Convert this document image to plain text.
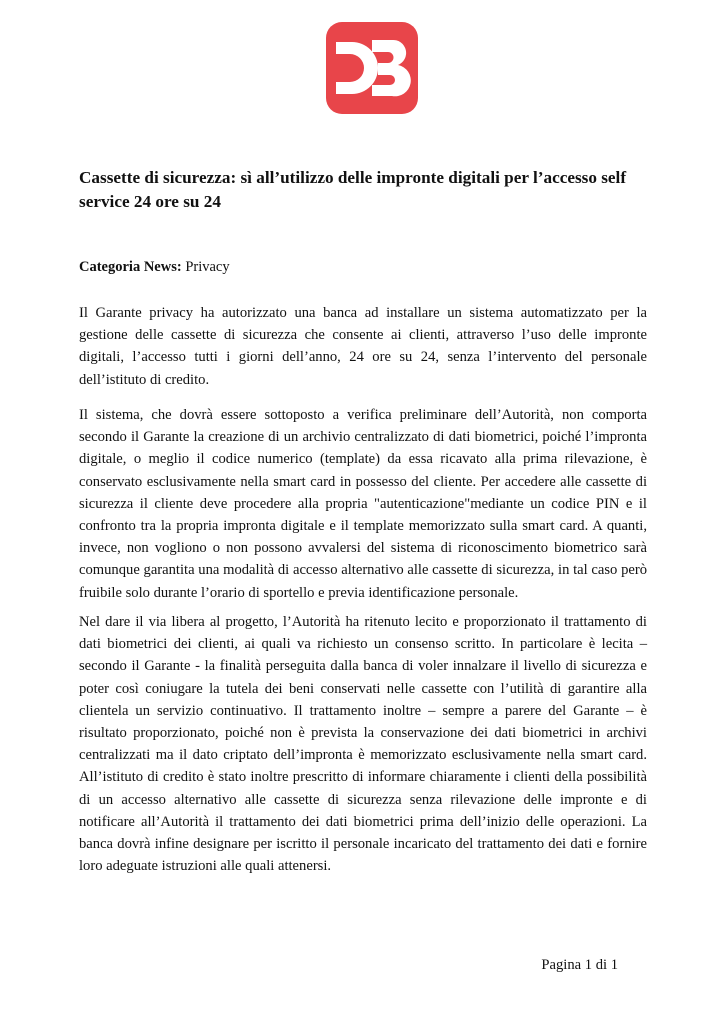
Cassette di sicurezza: sì all’utilizzo delle impronte digitali per l’accesso self service 24 ore su 24
Categoria News: Privacy

Il Garante privacy ha autorizzato una banca ad installare un sistema automatizzato per la gestione delle cassette di sicurezza che consente ai clienti, attraverso l’uso delle impronte digitali, l’accesso tutti i giorni dell’anno, 24 ore su 24, senza l’intervento del personale dell’istituto di credito.

Il sistema, che dovrà essere sottoposto a verifica preliminare dell’Autorità, non comporta secondo il Garante la creazione di un archivio centralizzato di dati biometrici, poiché l’impronta digitale, o meglio il codice numerico (template) da essa ricavato alla prima rilevazione, è conservato esclusivamente nella smart card in possesso del cliente. Per accedere alle cassette di sicurezza il cliente deve procedere alla propria "autenticazione"mediante un codice PIN e il confronto tra la propria impronta digitale e il template memorizzato sulla smart card. A quanti, invece, non vogliono o non possono avvalersi del sistema di riconoscimento biometrico sarà comunque garantita una modalità di accesso alternativo alle cassette di sicurezza, in tal caso però fruibile solo durante l’orario di sportello e previa identificazione personale.

Nel dare il via libera al progetto, l’Autorità ha ritenuto lecito e proporzionato il trattamento di dati biometrici dei clienti, ai quali va richiesto un consenso scritto. In particolare è lecita – secondo il Garante - la finalità perseguita dalla banca di voler innalzare il livello di sicurezza e poter così coniugare la tutela dei beni conservati nelle cassette con l’utilità di garantire alla clientela un servizio continuativo. Il trattamento inoltre – sempre a parere del Garante – è risultato proporzionato, poiché non è prevista la conservazione dei dati biometrici in archivi centralizzati ma il dato criptato dell’impronta è memorizzato esclusivamente nella smart card. All’istituto di credito è stato inoltre prescritto di informare chiaramente i clienti della possibilità di un accesso alternativo alle cassette di sicurezza senza rilevazione delle impronte e di notificare all’Autorità il trattamento dei dati biometrici prima dell’inizio delle operazioni. La banca dovrà infine designare per iscritto il personale incaricato del trattamento dei dati e fornire loro adeguate istruzioni alle quali attenersi.

Pagina 1 di 1
